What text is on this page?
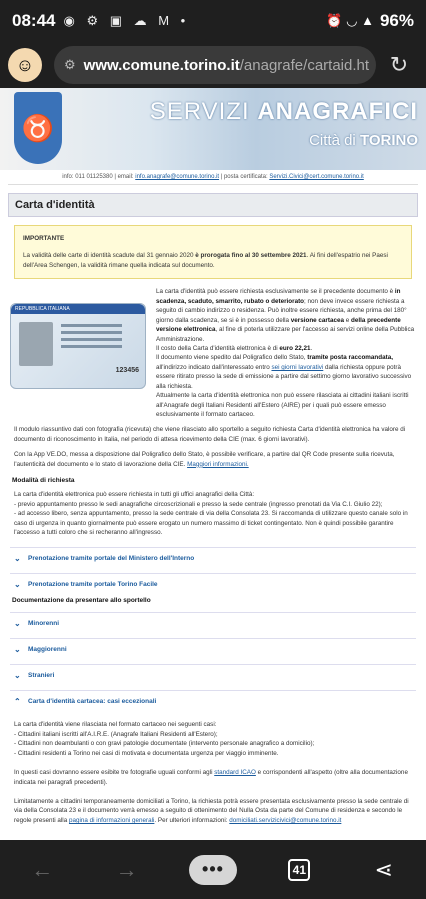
08:44 ◉ ⚙ ▣ ☁ M •	⏰ ◡ ▲ 96%
☺	⚙ www.comune.torino.it/anagrafe/cartaid.ht ↻
♉
SERVIZI ANAGRAFICI
Città di TORINO
info: 011 01125380 | email: info.anagrafe@comune.torino.it | posta certificata: Servizi.Civici@cert.comune.torino.it
Carta d'identità
IMPORTANTE
La validità delle carte di identità scadute dal 31 gennaio 2020 è prorogata fino al 30 settembre 2021. Ai fini dell'espatrio nei Paesi dell'Area Schengen, la validità rimane quella indicata sul documento.
REPUBBLICA ITALIANA
123456
La carta d'identità può essere richiesta esclusivamente se il precedente documento è in scadenza, scaduto, smarrito, rubato o deteriorato; non deve invece essere richiesta a seguito di cambio indirizzo o residenza. Può inoltre essere richiesta, anche prima del 180° giorno dalla scadenza, se si è in possesso della versione cartacea e della precedente versione elettronica, al fine di poterla utilizzare per l'accesso ai servizi online della Pubblica Amministrazione.
Il costo della Carta d'identità elettronica è di euro 22,21.
Il documento viene spedito dal Poligrafico dello Stato, tramite posta raccomandata, all'indirizzo indicato dall'interessato entro sei giorni lavorativi dalla richiesta oppure potrà essere ritirato presso la sede di emissione a partire dal settimo giorno lavorativo successivo alla richiesta.
Attualmente la carta d'identità elettronica non può essere rilasciata ai cittadini italiani iscritti all'Anagrafe degli Italiani Residenti all'Estero (AIRE) per i quali può essere emesso esclusivamente il formato cartaceo.
Il modulo riassuntivo dati con fotografia (ricevuta) che viene rilasciato allo sportello a seguito richiesta Carta d'identità elettronica ha valore di documento di riconoscimento in Italia, nel periodo di attesa ricevimento della CIE (max. 6 giorni lavorativi).
Con la App VE.DO, messa a disposizione dal Poligrafico dello Stato, è possibile verificare, a partire dal QR Code presente sulla ricevuta, l'autenticità del documento e lo stato di lavorazione della CIE. Maggiori informazioni.
Modalità di richiesta
La carta d'identità elettronica può essere richiesta in tutti gli uffici anagrafici della Città:
- previo appuntamento presso le sedi anagrafiche circoscrizionali e presso la sede centrale (ingresso prenotati da Via C.I. Giulio 22);
- ad accesso libero, senza appuntamento, presso la sede centrale di via della Consolata 23. Si raccomanda di utilizzare questo canale solo in caso di urgenza in quanto giornalmente può essere erogato un numero massimo di ticket contingentato. Non è quindi possibile garantire l'accesso a tutti coloro che si recheranno all'ingresso.
⌄	Prenotazione tramite portale del Ministero dell'Interno
⌄	Prenotazione tramite portale Torino Facile
Documentazione da presentare allo sportello
⌄	Minorenni
⌄	Maggiorenni
⌄	Stranieri
⌃	Carta d'identità cartacea: casi eccezionali
La carta d'identità viene rilasciata nel formato cartaceo nei seguenti casi:
- Cittadini italiani iscritti all'A.I.R.E. (Anagrafe Italiani Residenti all'Estero);
- Cittadini non deambulanti o con gravi patologie documentate (intervento personale anagrafico a domicilio);
- Cittadini residenti a Torino nei casi di motivata e documentata urgenza per viaggio imminente.
In questi casi dovranno essere esibite tre fotografie uguali conformi agli standard ICAO e corrispondenti all'aspetto (oltre alla documentazione indicata nei paragrafi precedenti).
Limitatamente a cittadini temporaneamente domiciliati a Torino, la richiesta potrà essere presentata esclusivamente presso la sede centrale di via della Consolata 23 e il documento verrà emesso a seguito di ottenimento del Nulla Osta da parte del Comune di residenza e secondo le regole presenti alla pagina di informazioni generali. Per ulteriori informazioni: domiciliati.servizicivici@comune.torino.it
←	→	•••	41	⋖
